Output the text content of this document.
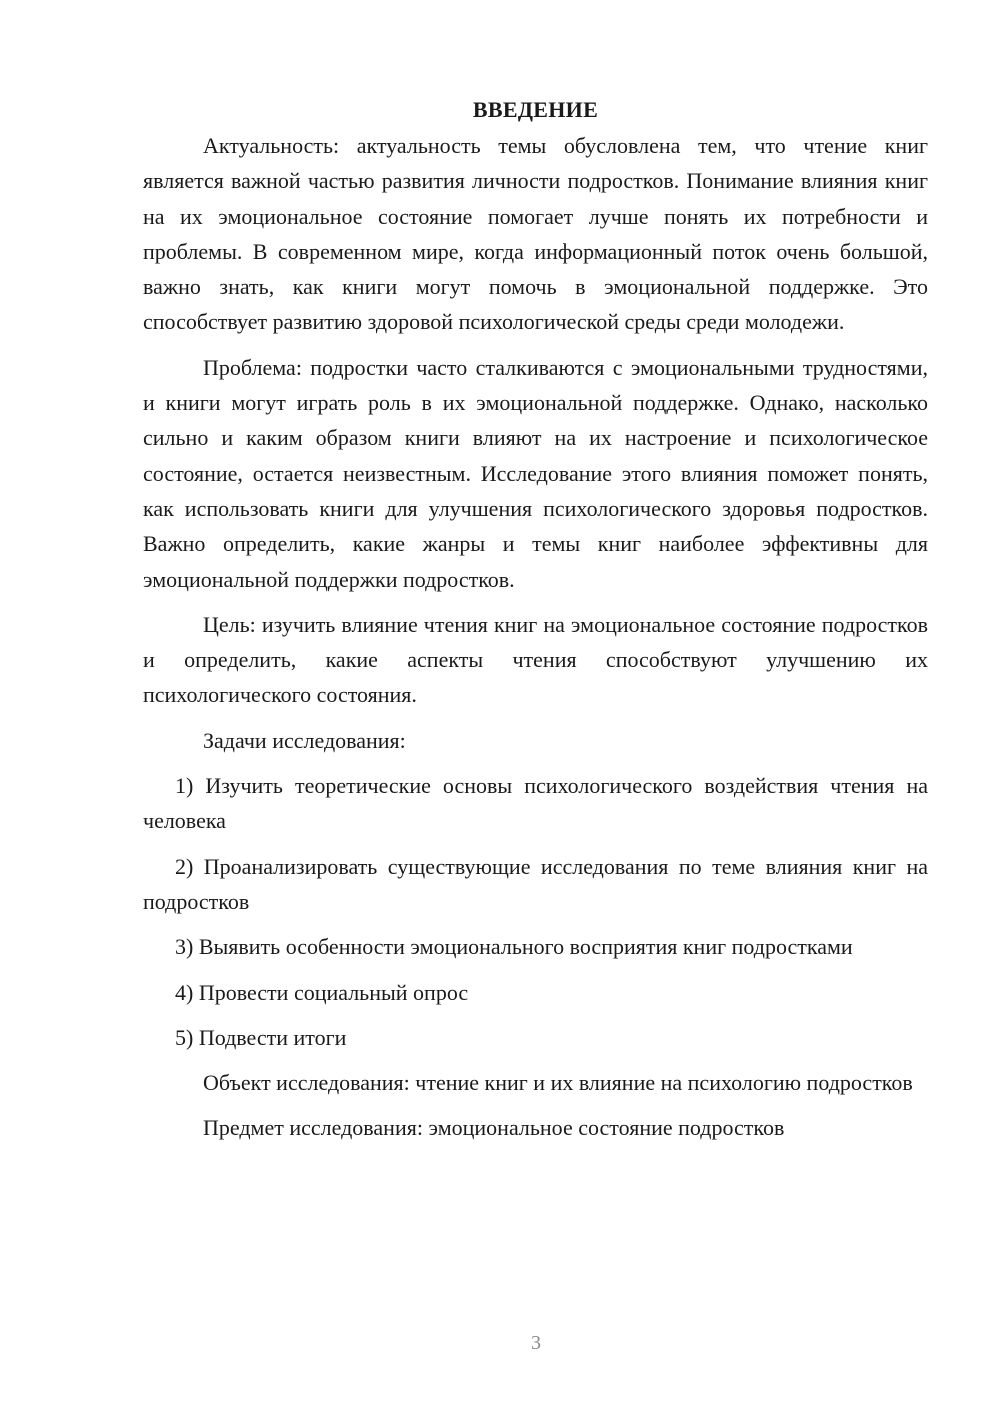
ВВЕДЕНИЕ

Актуальность: актуальность темы обусловлена тем, что чтение книг является важной частью развития личности подростков. Понимание влияния книг на их эмоциональное состояние помогает лучше понять их потребности и проблемы. В современном мире, когда информационный поток очень большой, важно знать, как книги могут помочь в эмоциональной поддержке. Это способствует развитию здоровой психологической среды среди молодежи.

Проблема: подростки часто сталкиваются с эмоциональными трудностями, и книги могут играть роль в их эмоциональной поддержке. Однако, насколько сильно и каким образом книги влияют на их настроение и психологическое состояние, остается неизвестным. Исследование этого влияния поможет понять, как использовать книги для улучшения психологического здоровья подростков. Важно определить, какие жанры и темы книг наиболее эффективны для эмоциональной поддержки подростков.

Цель: изучить влияние чтения книг на эмоциональное состояние подростков и определить, какие аспекты чтения способствуют улучшению их психологического состояния.

Задачи исследования:

1) Изучить теоретические основы психологического воздействия чтения на человека

2) Проанализировать существующие исследования по теме влияния книг на подростков

3) Выявить особенности эмоционального восприятия книг подростками

4) Провести социальный опрос

5) Подвести итоги

Объект исследования: чтение книг и их влияние на психологию подростков

Предмет исследования: эмоциональное состояние подростков

3
